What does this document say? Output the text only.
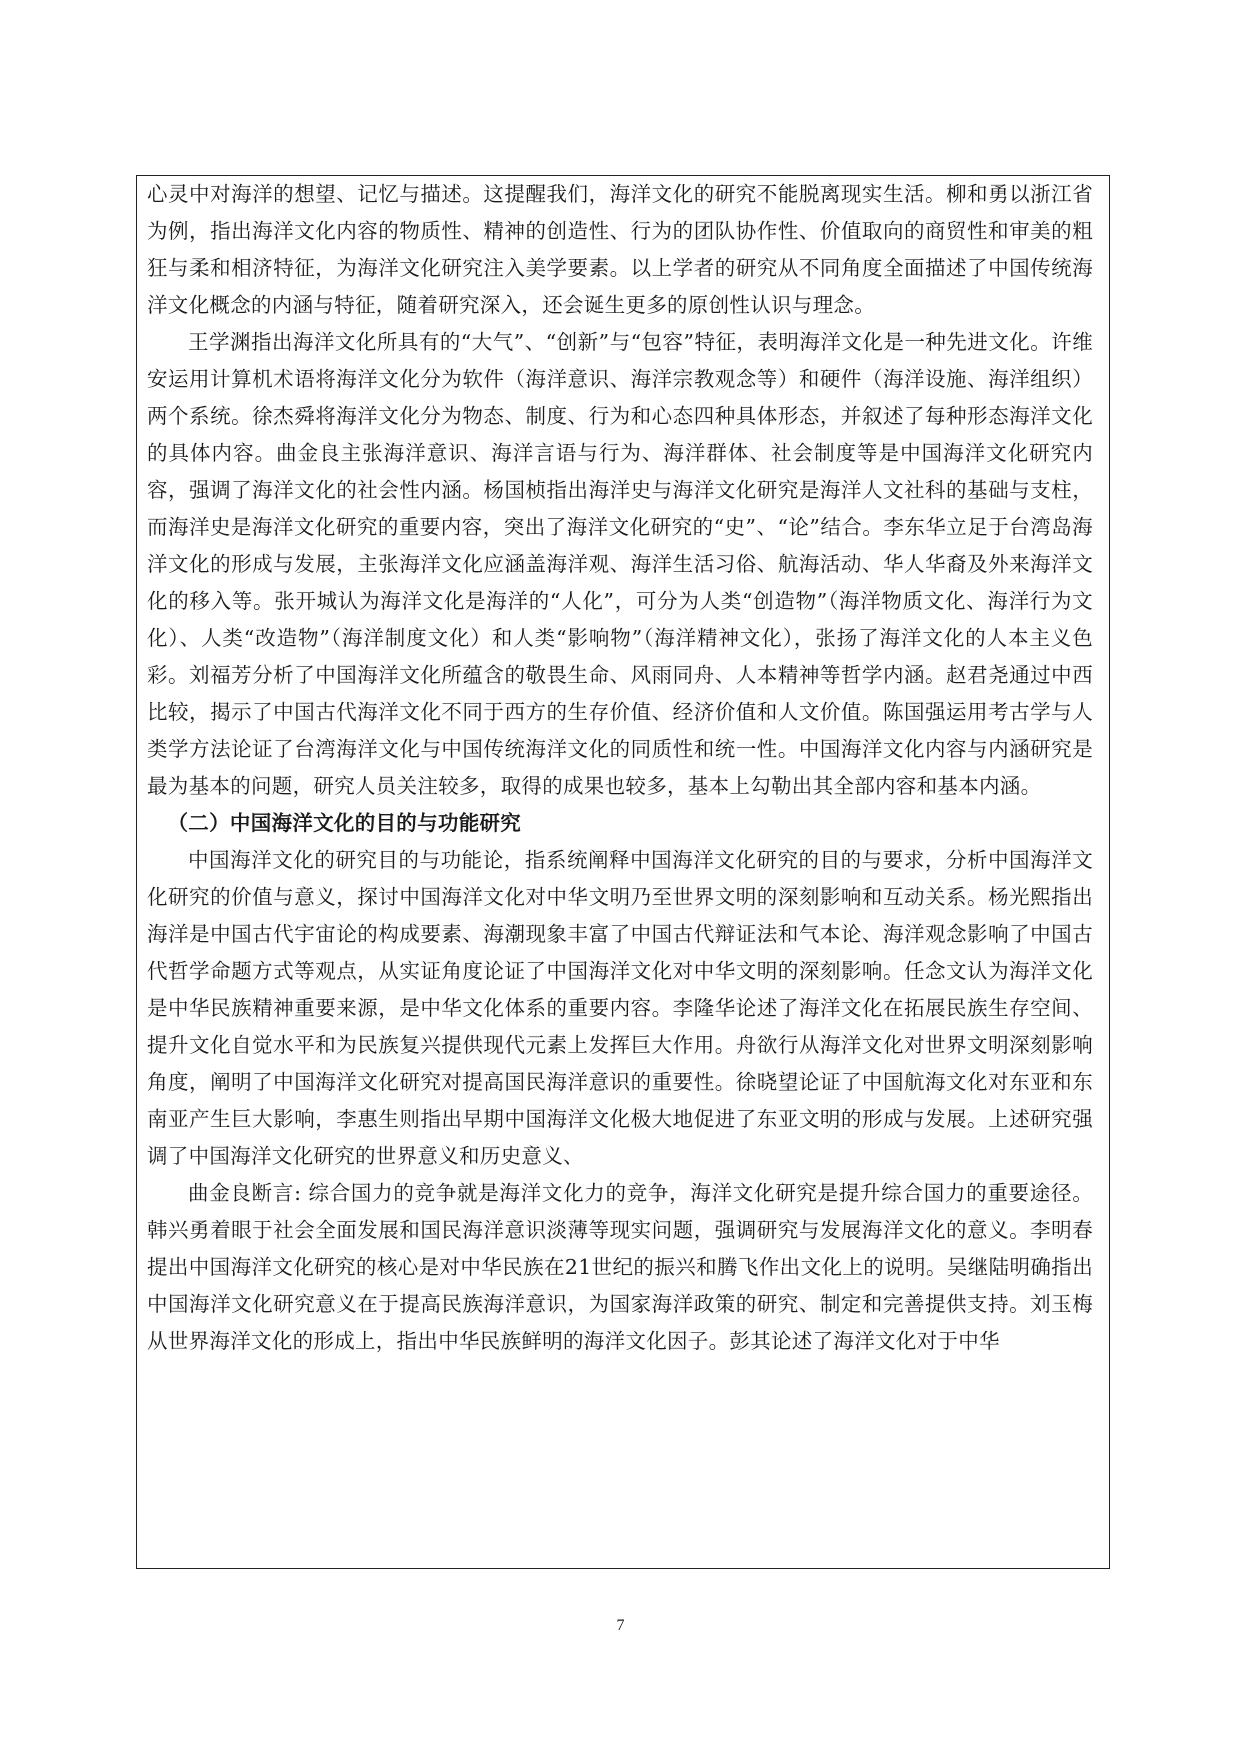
心灵中对海洋的想望、记忆与描述。这提醒我们，海洋文化的研究不能脱离现实生活。柳和勇以浙江省为例，指出海洋文化内容的物质性、精神的创造性、行为的团队协作性、价值取向的商贸性和审美的粗狂与柔和相济特征，为海洋文化研究注入美学要素。以上学者的研究从不同角度全面描述了中国传统海洋文化概念的内涵与特征，随着研究深入，还会诞生更多的原创性认识与理念。

王学渊指出海洋文化所具有的“大气”、“创新”与“包容”特征，表明海洋文化是一种先进文化。许维安运用计算机术语将海洋文化分为软件（海洋意识、海洋宗教观念等）和硬件（海洋设施、海洋组织）两个系统。徐杰舜将海洋文化分为物态、制度、行为和心态四种具体形态，并叙述了每种形态海洋文化的具体内容。曲金良主张海洋意识、海洋言语与行为、海洋群体、社会制度等是中国海洋文化研究内容，强调了海洋文化的社会性内涵。杨国桢指出海洋史与海洋文化研究是海洋人文社科的基础与支柱，而海洋史是海洋文化研究的重要内容，突出了海洋文化研究的“史”、“论”结合。李东华立足于台湾岛海洋文化的形成与发展，主张海洋文化应涵盖海洋观、海洋生活习俗、航海活动、华人华裔及外来海洋文化的移入等。张开城认为海洋文化是海洋的“人化”，可分为人类“创造物”（海洋物质文化、海洋行为文化）、人类“改造物”（海洋制度文化）和人类“影响物”（海洋精神文化），张扬了海洋文化的人本主义色彩。刘福芳分析了中国海洋文化所蕴含的敬畏生命、风雨同舟、人本精神等哲学内涵。赵君尧通过中西比较，揭示了中国古代海洋文化不同于西方的生存价值、经济价值和人文价值。陈国强运用考古学与人类学方法论证了台湾海洋文化与中国传统海洋文化的同质性和统一性。中国海洋文化内容与内涵研究是最为基本的问题，研究人员关注较多，取得的成果也较多，基本上勾勒出其全部内容和基本内涵。

（二）中国海洋文化的目的与功能研究

中国海洋文化的研究目的与功能论，指系统阐释中国海洋文化研究的目的与要求，分析中国海洋文化研究的价值与意义，探讨中国海洋文化对中华文明乃至世界文明的深刻影响和互动关系。杨光熙指出海洋是中国古代宇宙论的构成要素、海潮现象丰富了中国古代辩证法和气本论、海洋观念影响了中国古代哲学命题方式等观点，从实证角度论证了中国海洋文化对中华文明的深刻影响。任念文认为海洋文化是中华民族精神重要来源，是中华文化体系的重要内容。李隆华论述了海洋文化在拓展民族生存空间、提升文化自觉水平和为民族复兴提供现代元素上发挥巨大作用。舟欲行从海洋文化对世界文明深刻影响角度，阐明了中国海洋文化研究对提高国民海洋意识的重要性。徐晓望论证了中国航海文化对东亚和东南亚产生巨大影响，李惠生则指出早期中国海洋文化极大地促进了东亚文明的形成与发展。上述研究强调了中国海洋文化研究的世界意义和历史意义、

曲金良断言: 综合国力的竞争就是海洋文化力的竞争，海洋文化研究是提升综合国力的重要途径。韩兴勇着眼于社会全面发展和国民海洋意识淡薄等现实问题，强调研究与发展海洋文化的意义。李明春提出中国海洋文化研究的核心是对中华民族在21世纪的振兴和腾飞作出文化上的说明。吴继陆明确指出中国海洋文化研究意义在于提高民族海洋意识，为国家海洋政策的研究、制定和完善提供支持。刘玉梅从世界海洋文化的形成上，指出中华民族鲜明的海洋文化因子。彭其论述了海洋文化对于中华

7
